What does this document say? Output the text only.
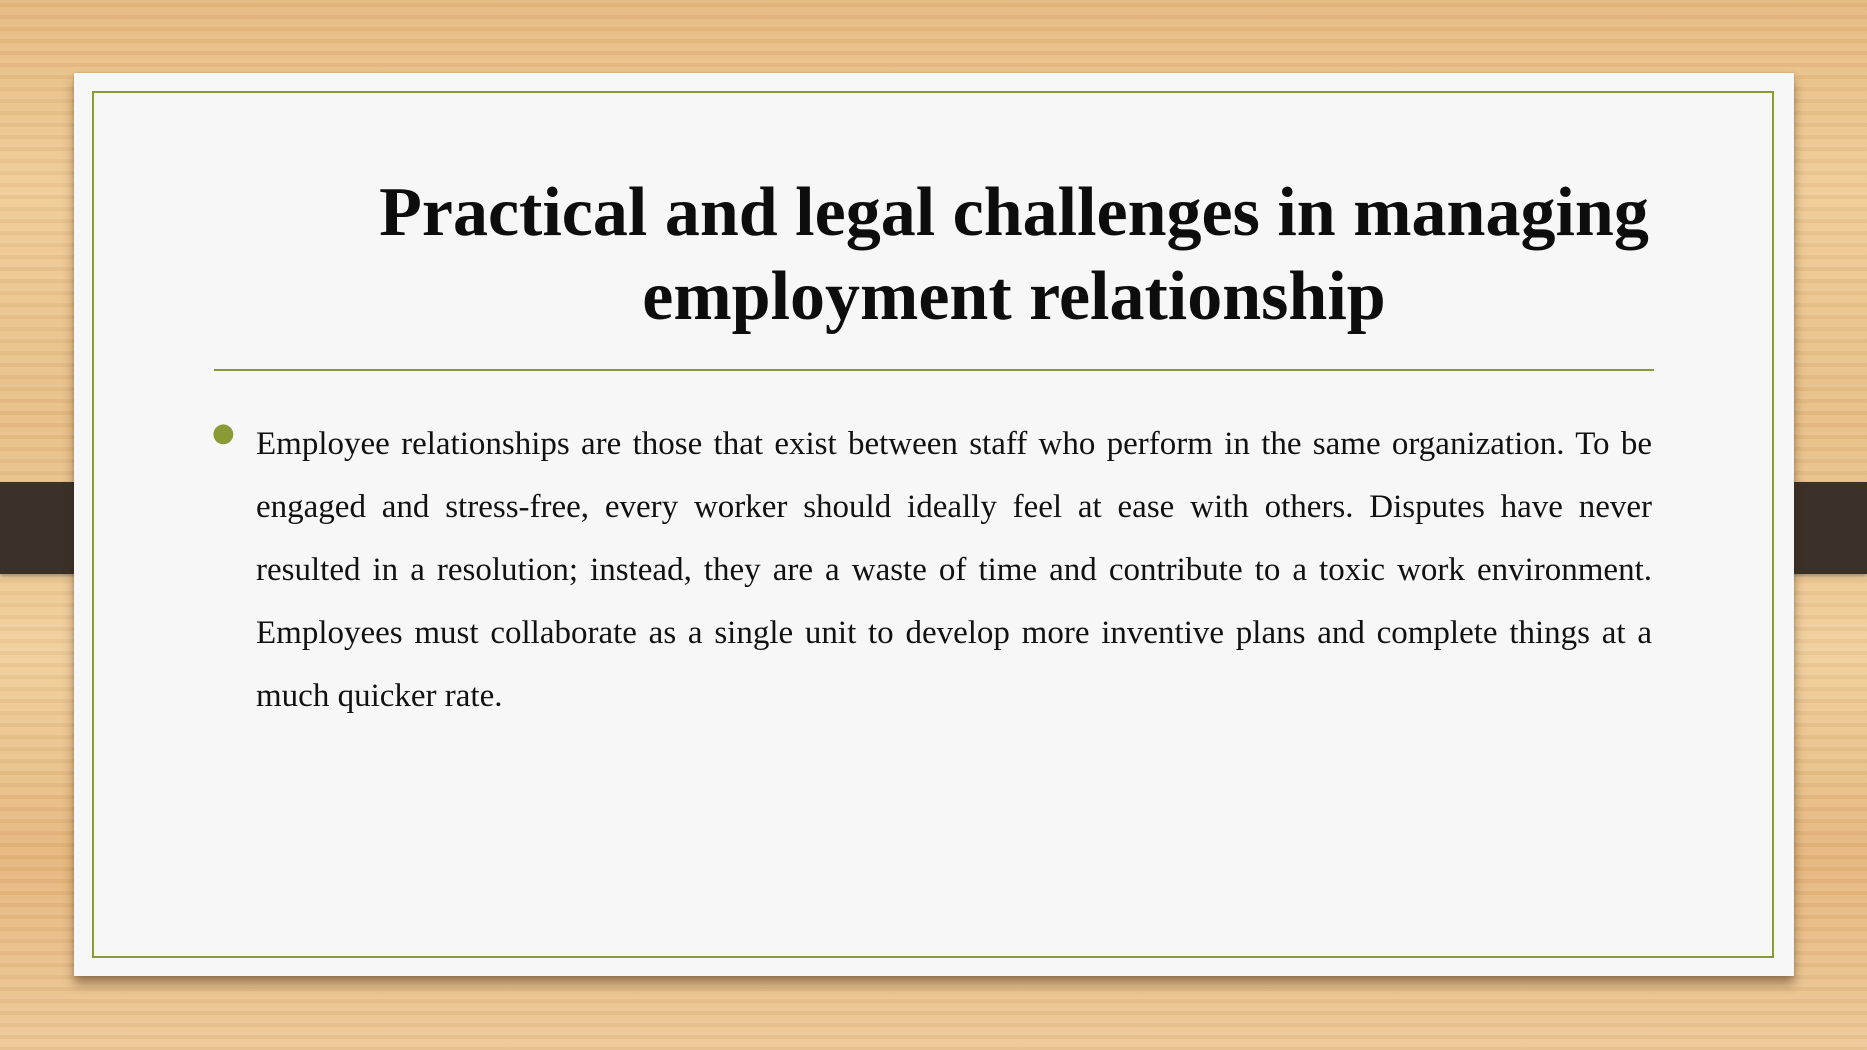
Practical and legal challenges in managing employment relationship
● Employee relationships are those that exist between staff who perform in the same organization. To be engaged and stress-free, every worker should ideally feel at ease with others. Disputes have never resulted in a resolution; instead, they are a waste of time and contribute to a toxic work environment. Employees must collaborate as a single unit to develop more inventive plans and complete things at a much quicker rate.
